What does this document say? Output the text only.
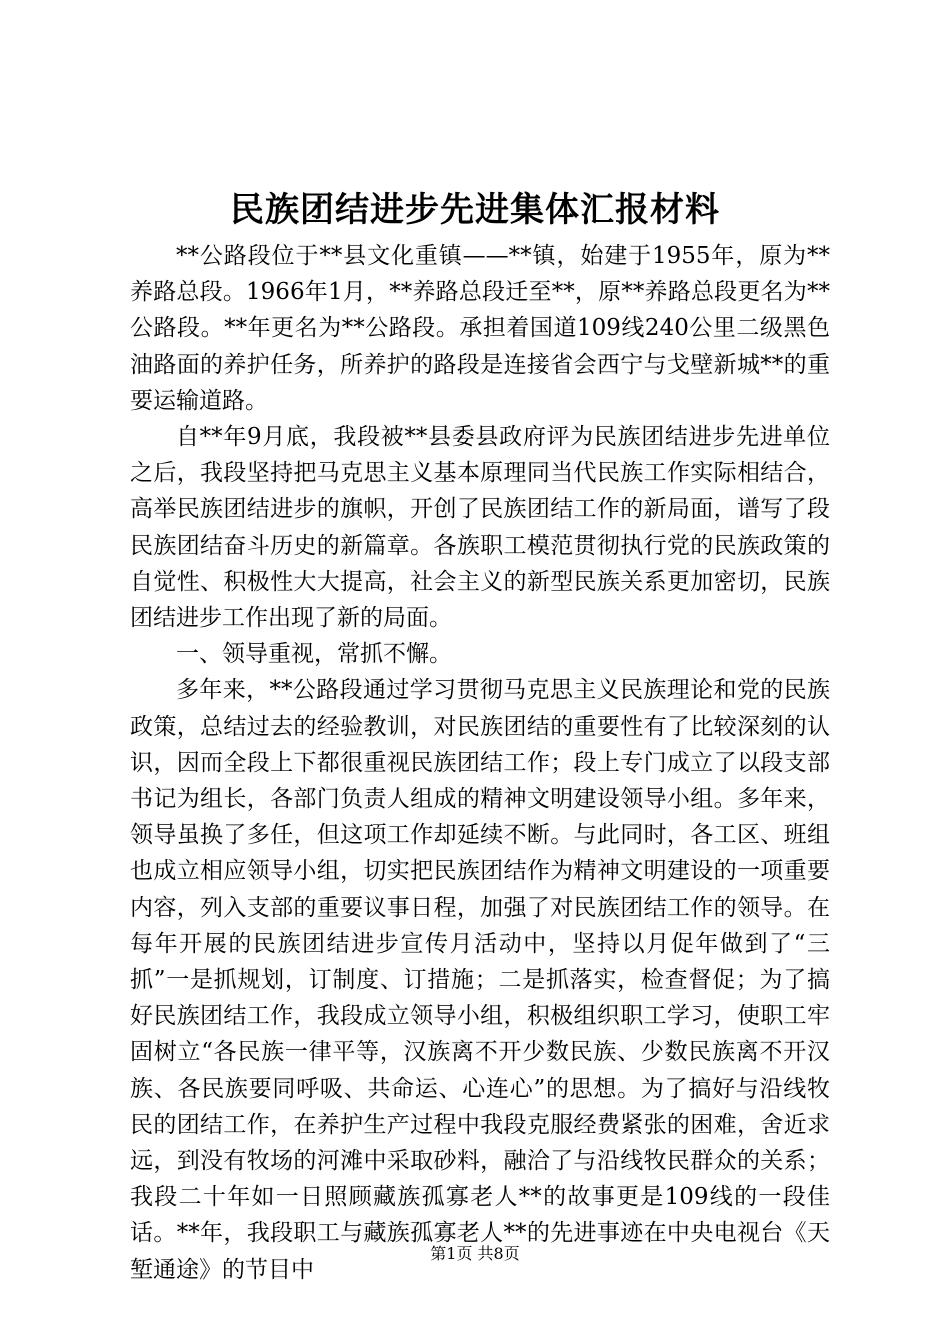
民族团结进步先进集体汇报材料

**公路段位于**县文化重镇——**镇，始建于1955年，原为**养路总段。1966年1月，**养路总段迁至**，原**养路总段更名为**公路段。**年更名为**公路段。承担着国道109线240公里二级黑色油路面的养护任务，所养护的路段是连接省会西宁与戈壁新城**的重要运输道路。

自**年9月底，我段被**县委县政府评为民族团结进步先进单位之后，我段坚持把马克思主义基本原理同当代民族工作实际相结合，高举民族团结进步的旗帜，开创了民族团结工作的新局面，谱写了段民族团结奋斗历史的新篇章。各族职工模范贯彻执行党的民族政策的自觉性、积极性大大提高，社会主义的新型民族关系更加密切，民族团结进步工作出现了新的局面。

一、领导重视，常抓不懈。

多年来，**公路段通过学习贯彻马克思主义民族理论和党的民族政策，总结过去的经验教训，对民族团结的重要性有了比较深刻的认识，因而全段上下都很重视民族团结工作；段上专门成立了以段支部书记为组长，各部门负责人组成的精神文明建设领导小组。多年来，领导虽换了多任，但这项工作却延续不断。与此同时，各工区、班组也成立相应领导小组，切实把民族团结作为精神文明建设的一项重要内容，列入支部的重要议事日程，加强了对民族团结工作的领导。在每年开展的民族团结进步宣传月活动中，坚持以月促年做到了“三抓”一是抓规划，订制度、订措施；二是抓落实，检查督促；为了搞好民族团结工作，我段成立领导小组，积极组织职工学习，使职工牢固树立“各民族一律平等，汉族离不开少数民族、少数民族离不开汉族、各民族要同呼吸、共命运、心连心”的思想。为了搞好与沿线牧民的团结工作，在养护生产过程中我段克服经费紧张的困难，舍近求远，到没有牧场的河滩中采取砂料，融洽了与沿线牧民群众的关系；我段二十年如一日照顾藏族孤寡老人**的故事更是109线的一段佳话。**年，我段职工与藏族孤寡老人**的先进事迹在中央电视台《天堑通途》的节目中

第1页 共8页
